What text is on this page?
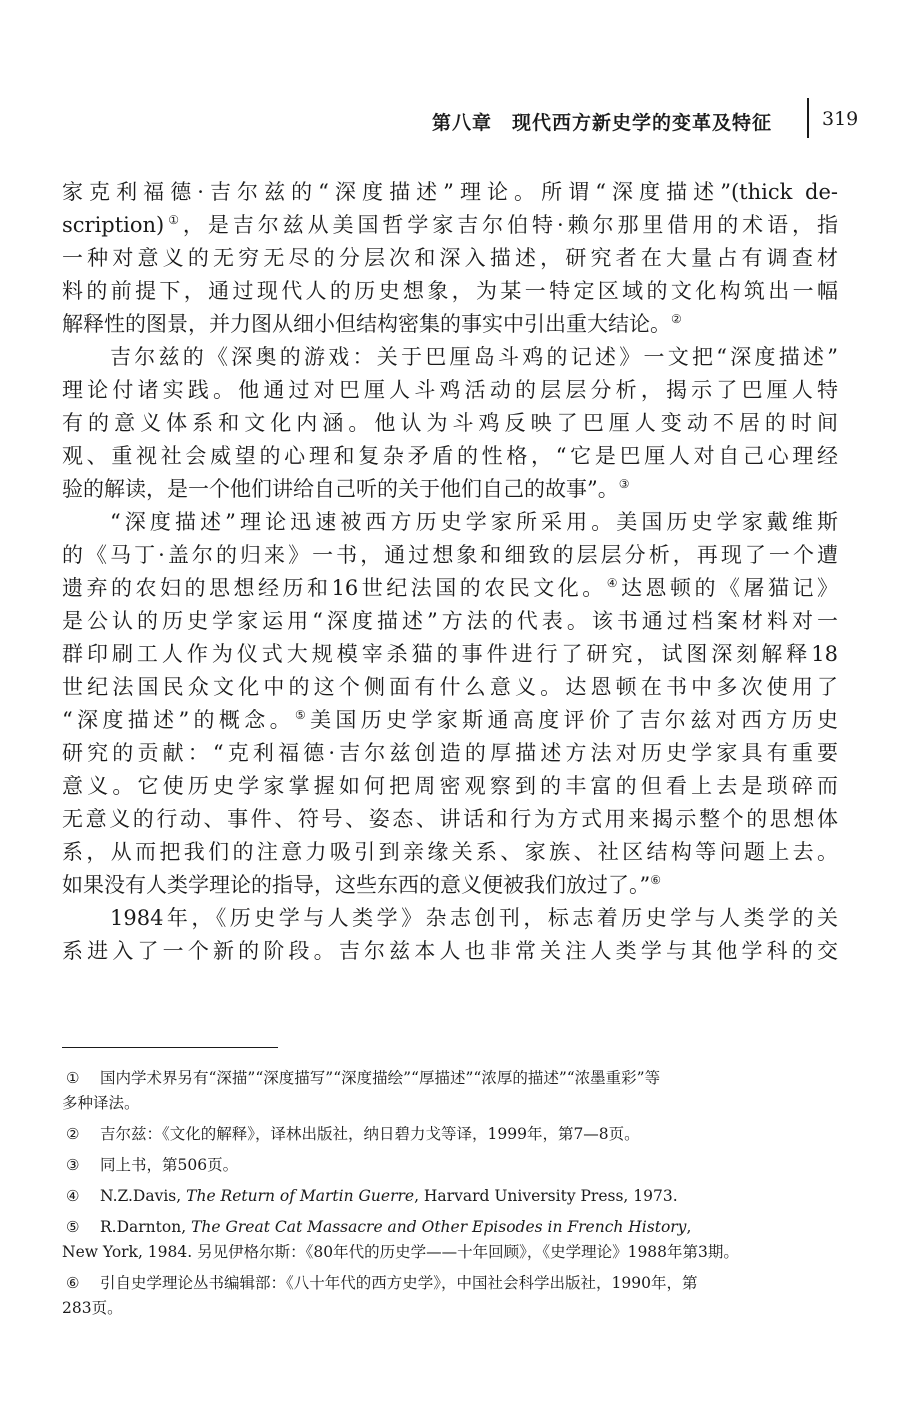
第八章　现代西方新史学的变革及特征	319
家克利福德·吉尔兹的“深度描述”理论。所谓“深度描述”(thick de-
scription)①，是吉尔兹从美国哲学家吉尔伯特·赖尔那里借用的术语，指
一种对意义的无穷无尽的分层次和深入描述，研究者在大量占有调查材
料的前提下，通过现代人的历史想象，为某一特定区域的文化构筑出一幅
解释性的图景，并力图从细小但结构密集的事实中引出重大结论。②
吉尔兹的《深奥的游戏：关于巴厘岛斗鸡的记述》一文把“深度描述”
理论付诸实践。他通过对巴厘人斗鸡活动的层层分析，揭示了巴厘人特
有的意义体系和文化内涵。他认为斗鸡反映了巴厘人变动不居的时间
观、重视社会威望的心理和复杂矛盾的性格，“它是巴厘人对自己心理经
验的解读，是一个他们讲给自己听的关于他们自己的故事”。③
“深度描述”理论迅速被西方历史学家所采用。美国历史学家戴维斯
的《马丁·盖尔的归来》一书，通过想象和细致的层层分析，再现了一个遭
遗弃的农妇的思想经历和16世纪法国的农民文化。④达恩顿的《屠猫记》
是公认的历史学家运用“深度描述”方法的代表。该书通过档案材料对一
群印刷工人作为仪式大规模宰杀猫的事件进行了研究，试图深刻解释18
世纪法国民众文化中的这个侧面有什么意义。达恩顿在书中多次使用了
“深度描述”的概念。⑤美国历史学家斯通高度评价了吉尔兹对西方历史
研究的贡献：“克利福德·吉尔兹创造的厚描述方法对历史学家具有重要
意义。它使历史学家掌握如何把周密观察到的丰富的但看上去是琐碎而
无意义的行动、事件、符号、姿态、讲话和行为方式用来揭示整个的思想体
系，从而把我们的注意力吸引到亲缘关系、家族、社区结构等问题上去。
如果没有人类学理论的指导，这些东西的意义便被我们放过了。”⑥
1984年，《历史学与人类学》杂志创刊，标志着历史学与人类学的关
系进入了一个新的阶段。吉尔兹本人也非常关注人类学与其他学科的交
① 国内学术界另有“深描”“深度描写”“深度描绘”“厚描述”“浓厚的描述”“浓墨重彩”等
多种译法。
② 吉尔兹：《文化的解释》，译林出版社，纳日碧力戈等译，1999年，第7—8页。
③ 同上书，第506页。
④ N.Z.Davis, The Return of Martin Guerre, Harvard University Press, 1973.
⑤ R.Darnton, The Great Cat Massacre and Other Episodes in French History,
New York, 1984. 另见伊格尔斯：《80年代的历史学——十年回顾》，《史学理论》1988年第3期。
⑥ 引自史学理论丛书编辑部：《八十年代的西方史学》，中国社会科学出版社，1990年，第
283页。
